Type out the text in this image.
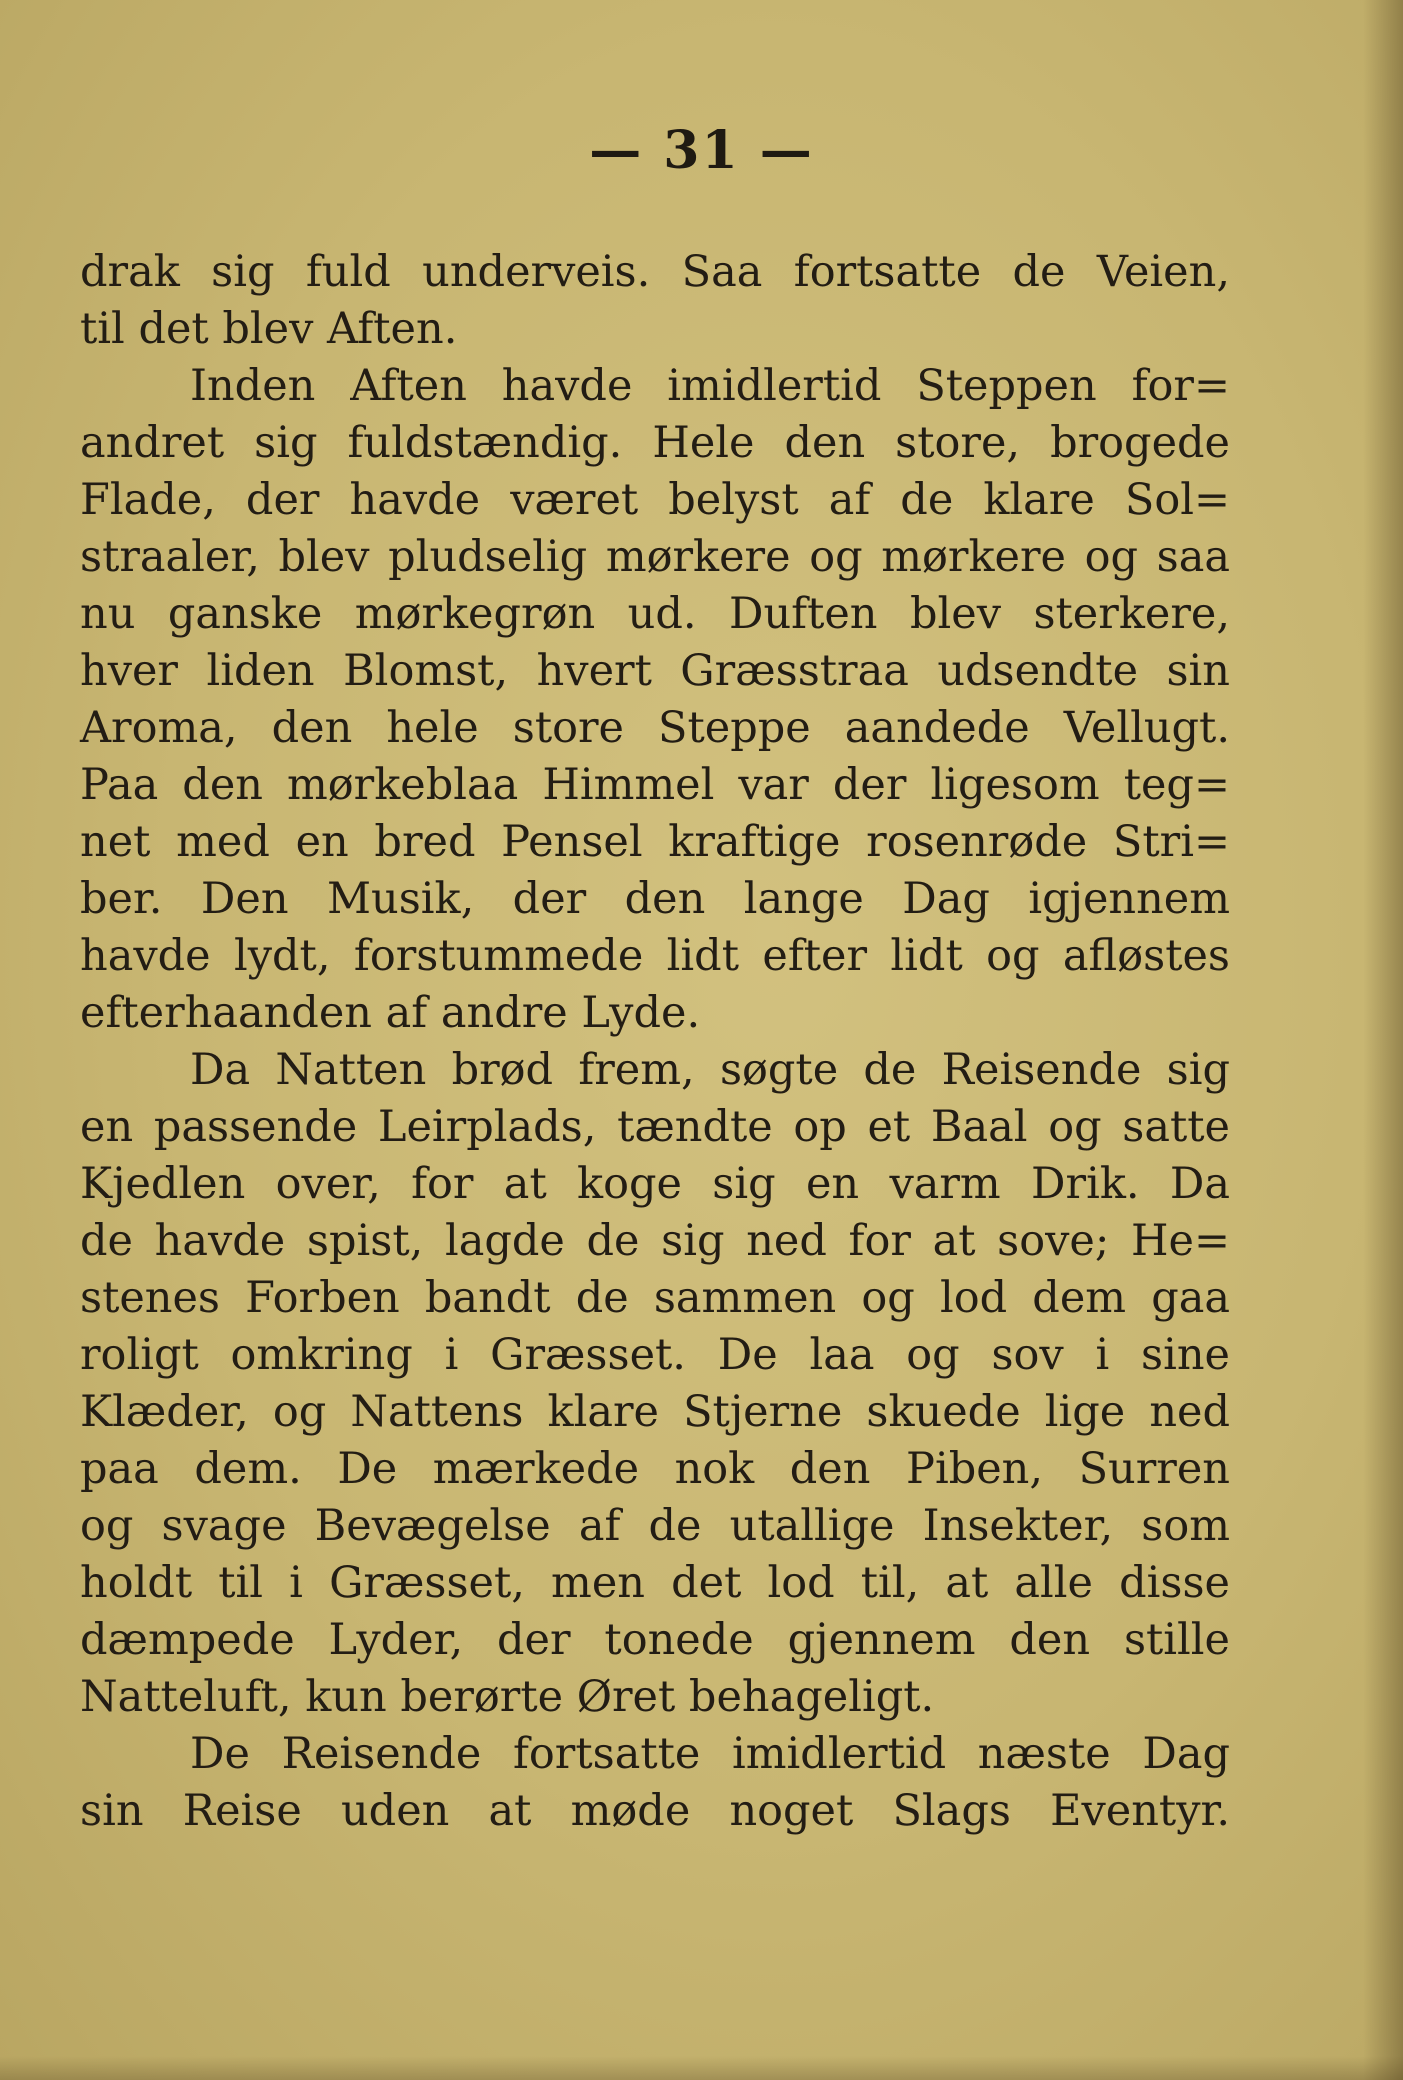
— 31 —
drak sig fuld underveis. Saa fortsatte de Veien,
til det blev Aften.
Inden Aften havde imidlertid Steppen for=
andret sig fuldstændig. Hele den store, brogede
Flade, der havde været belyst af de klare Sol=
straaler, blev pludselig mørkere og mørkere og saa
nu ganske mørkegrøn ud. Duften blev sterkere,
hver liden Blomst, hvert Græsstraa udsendte sin
Aroma, den hele store Steppe aandede Vellugt.
Paa den mørkeblaa Himmel var der ligesom teg=
net med en bred Pensel kraftige rosenrøde Stri=
ber. Den Musik, der den lange Dag igjennem
havde lydt, forstummede lidt efter lidt og afløstes
efterhaanden af andre Lyde.
Da Natten brød frem, søgte de Reisende sig
en passende Leirplads, tændte op et Baal og satte
Kjedlen over, for at koge sig en varm Drik. Da
de havde spist, lagde de sig ned for at sove; He=
stenes Forben bandt de sammen og lod dem gaa
roligt omkring i Græsset. De laa og sov i sine
Klæder, og Nattens klare Stjerne skuede lige ned
paa dem. De mærkede nok den Piben, Surren
og svage Bevægelse af de utallige Insekter, som
holdt til i Græsset, men det lod til, at alle disse
dæmpede Lyder, der tonede gjennem den stille
Natteluft, kun berørte Øret behageligt.
De Reisende fortsatte imidlertid næste Dag
sin Reise uden at møde noget Slags Eventyr.
